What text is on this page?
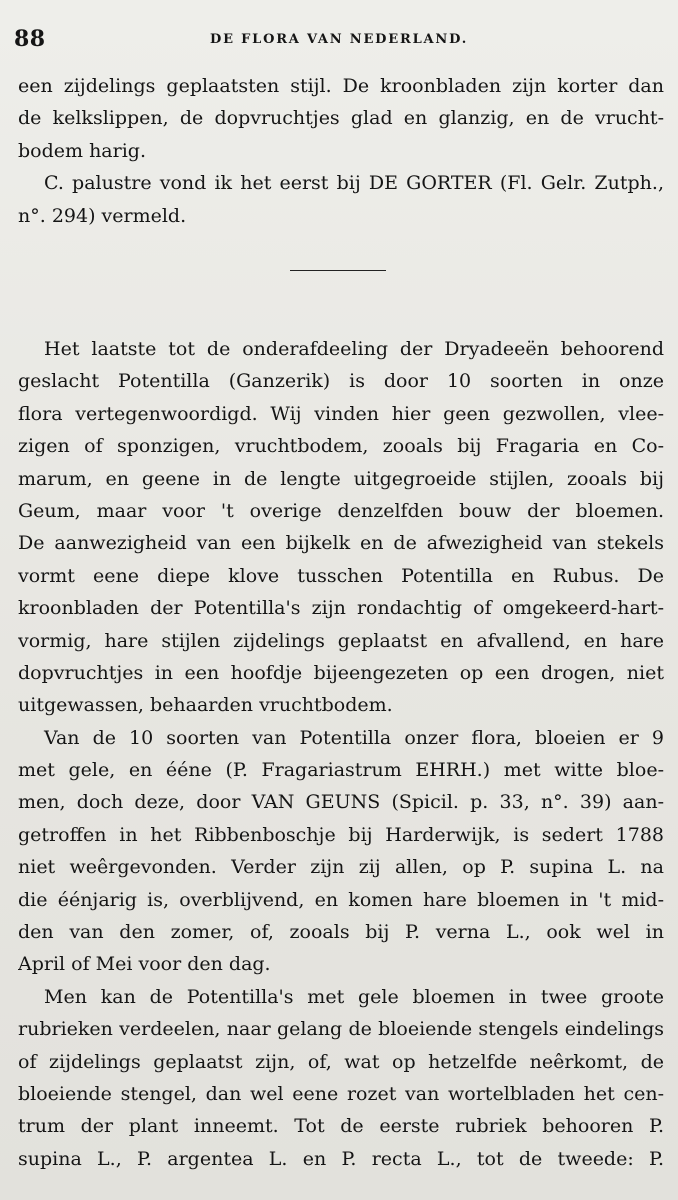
88	DE FLORA VAN NEDERLAND.
een zijdelings geplaatsten stijl. De kroonbladen zijn korter dan
de kelkslippen, de dopvruchtjes glad en glanzig, en de vrucht-
bodem harig.
C. palustre vond ik het eerst bij DE GORTER (Fl. Gelr. Zutph.,
n°. 294) vermeld.
Het laatste tot de onderafdeeling der Dryadeeën behoorend
geslacht Potentilla (Ganzerik) is door 10 soorten in onze
flora vertegenwoordigd. Wij vinden hier geen gezwollen, vlee-
zigen of sponzigen, vruchtbodem, zooals bij Fragaria en Co-
marum, en geene in de lengte uitgegroeide stijlen, zooals bij
Geum, maar voor 't overige denzelfden bouw der bloemen.
De aanwezigheid van een bijkelk en de afwezigheid van stekels
vormt eene diepe klove tusschen Potentilla en Rubus. De
kroonbladen der Potentilla's zijn rondachtig of omgekeerd-hart-
vormig, hare stijlen zijdelings geplaatst en afvallend, en hare
dopvruchtjes in een hoofdje bijeengezeten op een drogen, niet
uitgewassen, behaarden vruchtbodem.
Van de 10 soorten van Potentilla onzer flora, bloeien er 9
met gele, en ééne (P. Fragariastrum EHRH.) met witte bloe-
men, doch deze, door VAN GEUNS (Spicil. p. 33, n°. 39) aan-
getroffen in het Ribbenboschje bij Harderwijk, is sedert 1788
niet weêrgevonden. Verder zijn zij allen, op P. supina L. na
die éénjarig is, overblijvend, en komen hare bloemen in 't mid-
den van den zomer, of, zooals bij P. verna L., ook wel in
April of Mei voor den dag.
Men kan de Potentilla's met gele bloemen in twee groote
rubrieken verdeelen, naar gelang de bloeiende stengels eindelings
of zijdelings geplaatst zijn, of, wat op hetzelfde neêrkomt, de
bloeiende stengel, dan wel eene rozet van wortelbladen het cen-
trum der plant inneemt. Tot de eerste rubriek behooren P.
supina L., P. argentea L. en P. recta L., tot de tweede: P.
